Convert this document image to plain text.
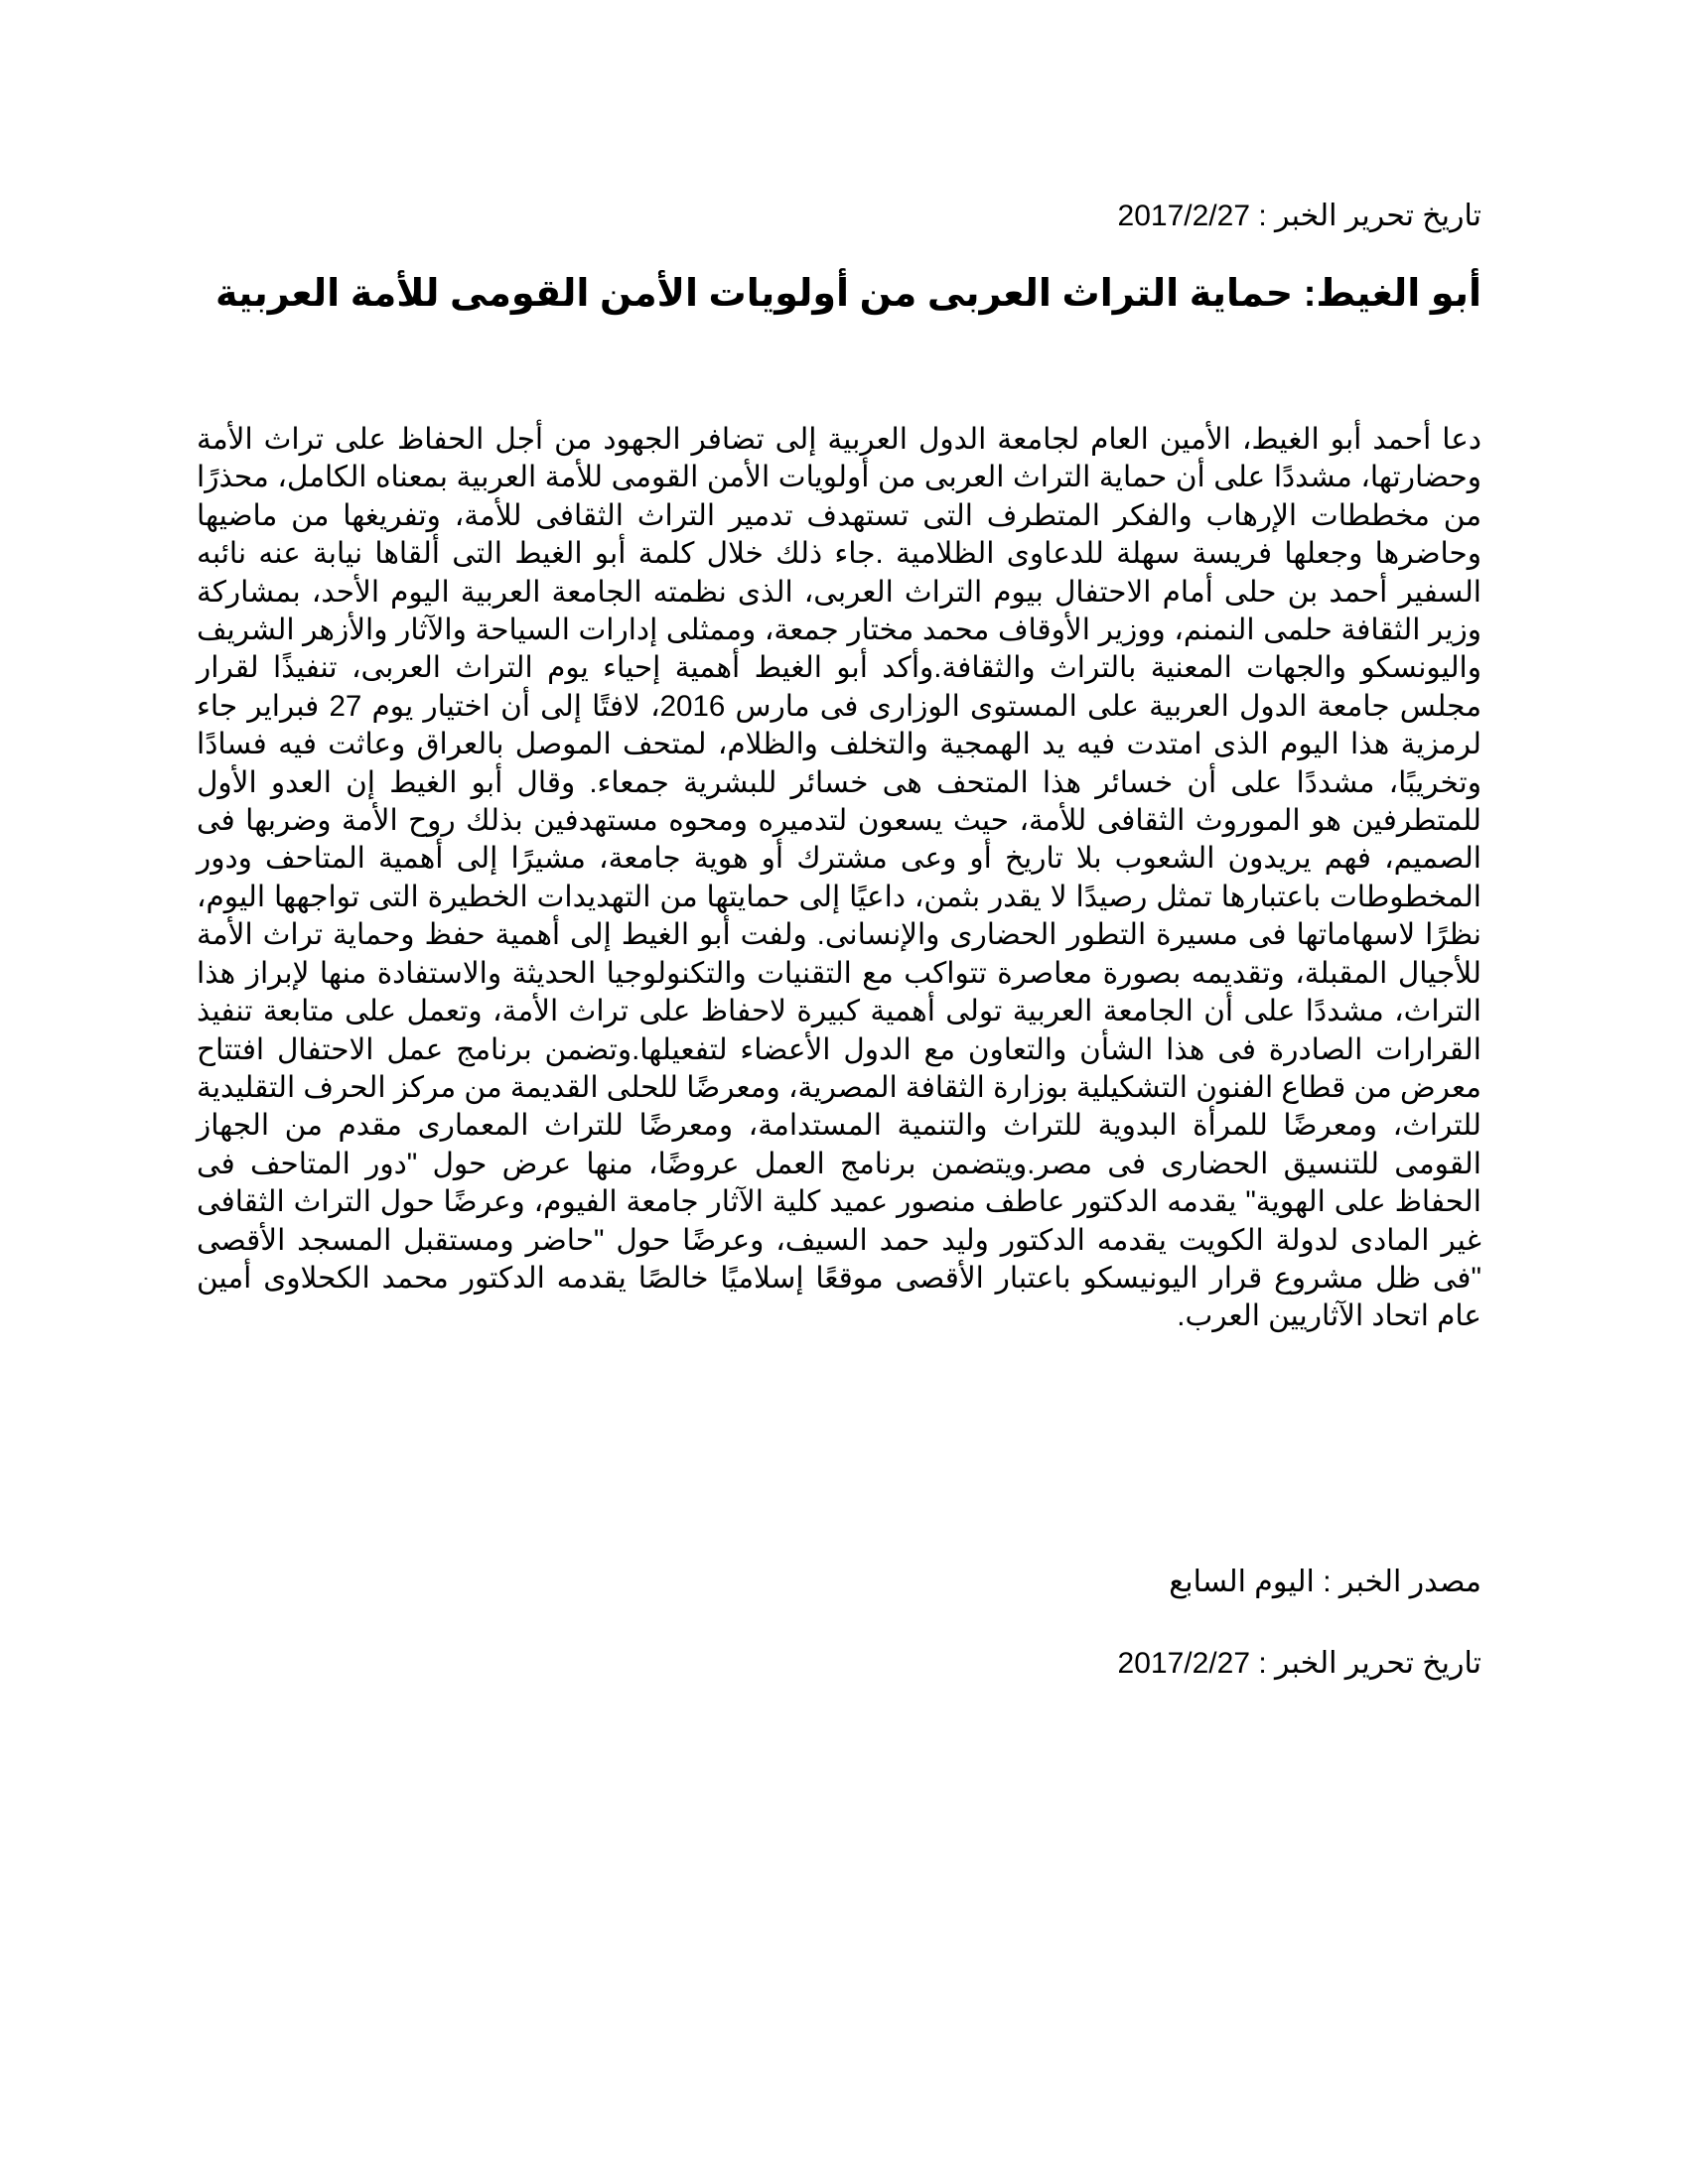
تاريخ تحرير الخبر : 2017/2/27
أبو الغيط: حماية التراث العربى من أولويات الأمن القومى للأمة العربية
دعا أحمد أبو الغيط، الأمين العام لجامعة الدول العربية إلى تضافر الجهود من أجل الحفاظ على تراث الأمة وحضارتها، مشددًا على أن حماية التراث العربى من أولويات الأمن القومى للأمة العربية بمعناه الكامل، محذرًا من مخططات الإرهاب والفكر المتطرف التى تستهدف تدمير التراث الثقافى للأمة، وتفريغها من ماضيها وحاضرها وجعلها فريسة سهلة للدعاوى الظلامية .جاء ذلك خلال كلمة أبو الغيط التى ألقاها نيابة عنه نائبه السفير أحمد بن حلى أمام الاحتفال بيوم التراث العربى، الذى نظمته الجامعة العربية اليوم الأحد، بمشاركة وزير الثقافة حلمى النمنم، ووزير الأوقاف محمد مختار جمعة، وممثلى إدارات السياحة والآثار والأزهر الشريف واليونسكو والجهات المعنية بالتراث والثقافة.وأكد أبو الغيط أهمية إحياء يوم التراث العربى، تنفيذًا لقرار مجلس جامعة الدول العربية على المستوى الوزارى فى مارس 2016، لافتًا إلى أن اختيار يوم 27 فبراير جاء لرمزية هذا اليوم الذى امتدت فيه يد الهمجية والتخلف والظلام، لمتحف الموصل بالعراق وعاثت فيه فسادًا وتخريبًا، مشددًا على أن خسائر هذا المتحف هى خسائر للبشرية جمعاء. وقال أبو الغيط إن العدو الأول للمتطرفين هو الموروث الثقافى للأمة، حيث يسعون لتدميره ومحوه مستهدفين بذلك روح الأمة وضربها فى الصميم، فهم يريدون الشعوب بلا تاريخ أو وعى مشترك أو هوية جامعة، مشيرًا إلى أهمية المتاحف ودور المخطوطات باعتبارها تمثل رصيدًا لا يقدر بثمن، داعيًا إلى حمايتها من التهديدات الخطيرة التى تواجهها اليوم، نظرًا لاسهاماتها فى مسيرة التطور الحضارى والإنسانى. ولفت أبو الغيط إلى أهمية حفظ وحماية تراث الأمة للأجيال المقبلة، وتقديمه بصورة معاصرة تتواكب مع التقنيات والتكنولوجيا الحديثة والاستفادة منها لإبراز هذا التراث، مشددًا على أن الجامعة العربية تولى أهمية كبيرة لاحفاظ على تراث الأمة، وتعمل على متابعة تنفيذ القرارات الصادرة فى هذا الشأن والتعاون مع الدول الأعضاء لتفعيلها.وتضمن برنامج عمل الاحتفال افتتاح معرض من قطاع الفنون التشكيلية بوزارة الثقافة المصرية، ومعرضًا للحلى القديمة من مركز الحرف التقليدية للتراث، ومعرضًا للمرأة البدوية للتراث والتنمية المستدامة، ومعرضًا للتراث المعمارى مقدم من الجهاز القومى للتنسيق الحضارى فى مصر.ويتضمن برنامج العمل عروضًا، منها عرض حول "دور المتاحف فى الحفاظ على الهوية" يقدمه الدكتور عاطف منصور عميد كلية الآثار جامعة الفيوم، وعرضًا حول التراث الثقافى غير المادى لدولة الكويت يقدمه الدكتور وليد حمد السيف، وعرضًا حول "حاضر ومستقبل المسجد الأقصى "فى ظل مشروع قرار اليونيسكو باعتبار الأقصى موقعًا إسلاميًا خالصًا يقدمه الدكتور محمد الكحلاوى أمين عام اتحاد الآثاريين العرب.
مصدر الخبر : اليوم السابع
تاريخ تحرير الخبر : 2017/2/27
